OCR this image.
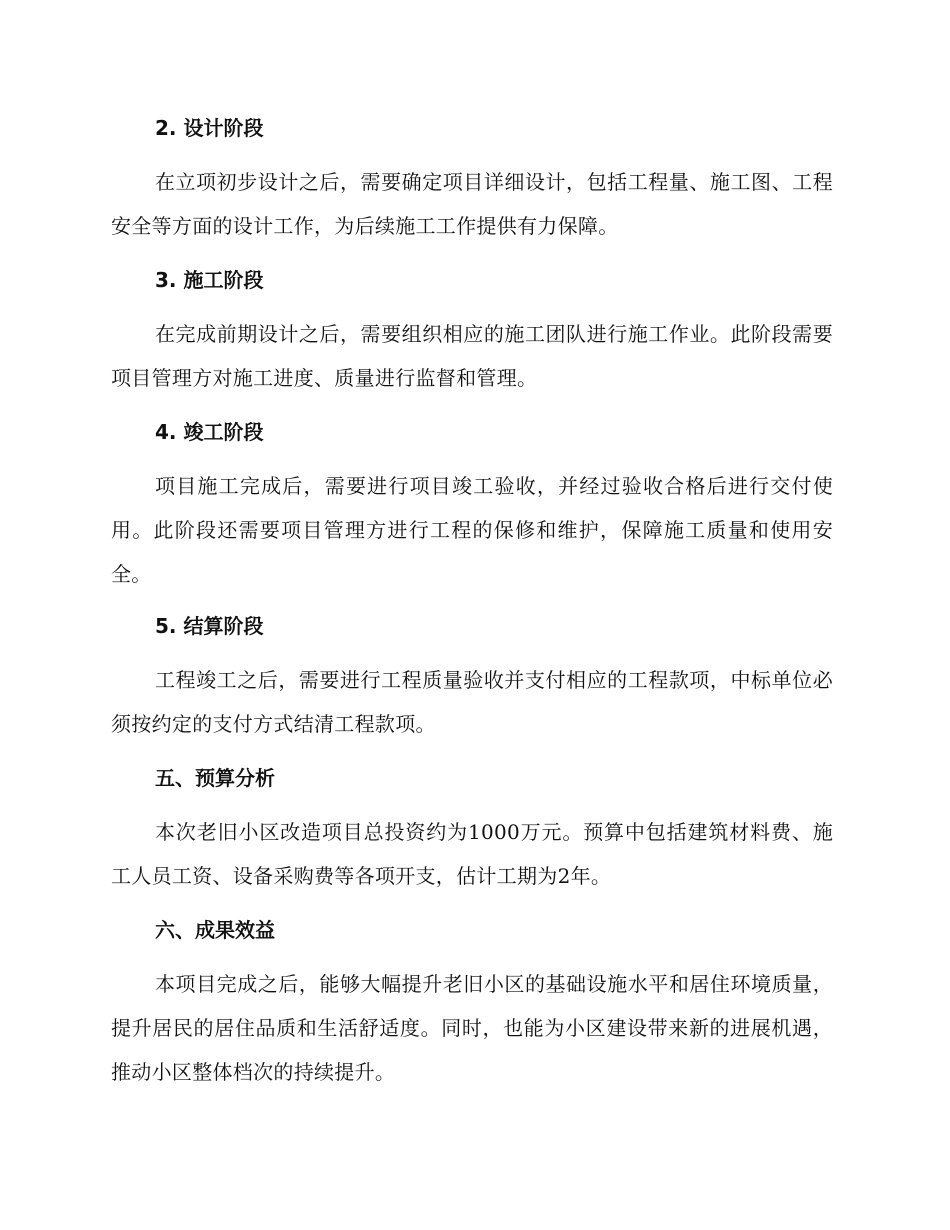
2. 设计阶段
在立项初步设计之后，需要确定项目详细设计，包括工程量、施工图、工程安全等方面的设计工作，为后续施工工作提供有力保障。
3. 施工阶段
在完成前期设计之后，需要组织相应的施工团队进行施工作业。此阶段需要项目管理方对施工进度、质量进行监督和管理。
4. 竣工阶段
项目施工完成后，需要进行项目竣工验收，并经过验收合格后进行交付使用。此阶段还需要项目管理方进行工程的保修和维护，保障施工质量和使用安全。
5. 结算阶段
工程竣工之后，需要进行工程质量验收并支付相应的工程款项，中标单位必须按约定的支付方式结清工程款项。
五、预算分析
本次老旧小区改造项目总投资约为1000万元。预算中包括建筑材料费、施工人员工资、设备采购费等各项开支，估计工期为2年。
六、成果效益
本项目完成之后，能够大幅提升老旧小区的基础设施水平和居住环境质量，提升居民的居住品质和生活舒适度。同时，也能为小区建设带来新的进展机遇，推动小区整体档次的持续提升。
